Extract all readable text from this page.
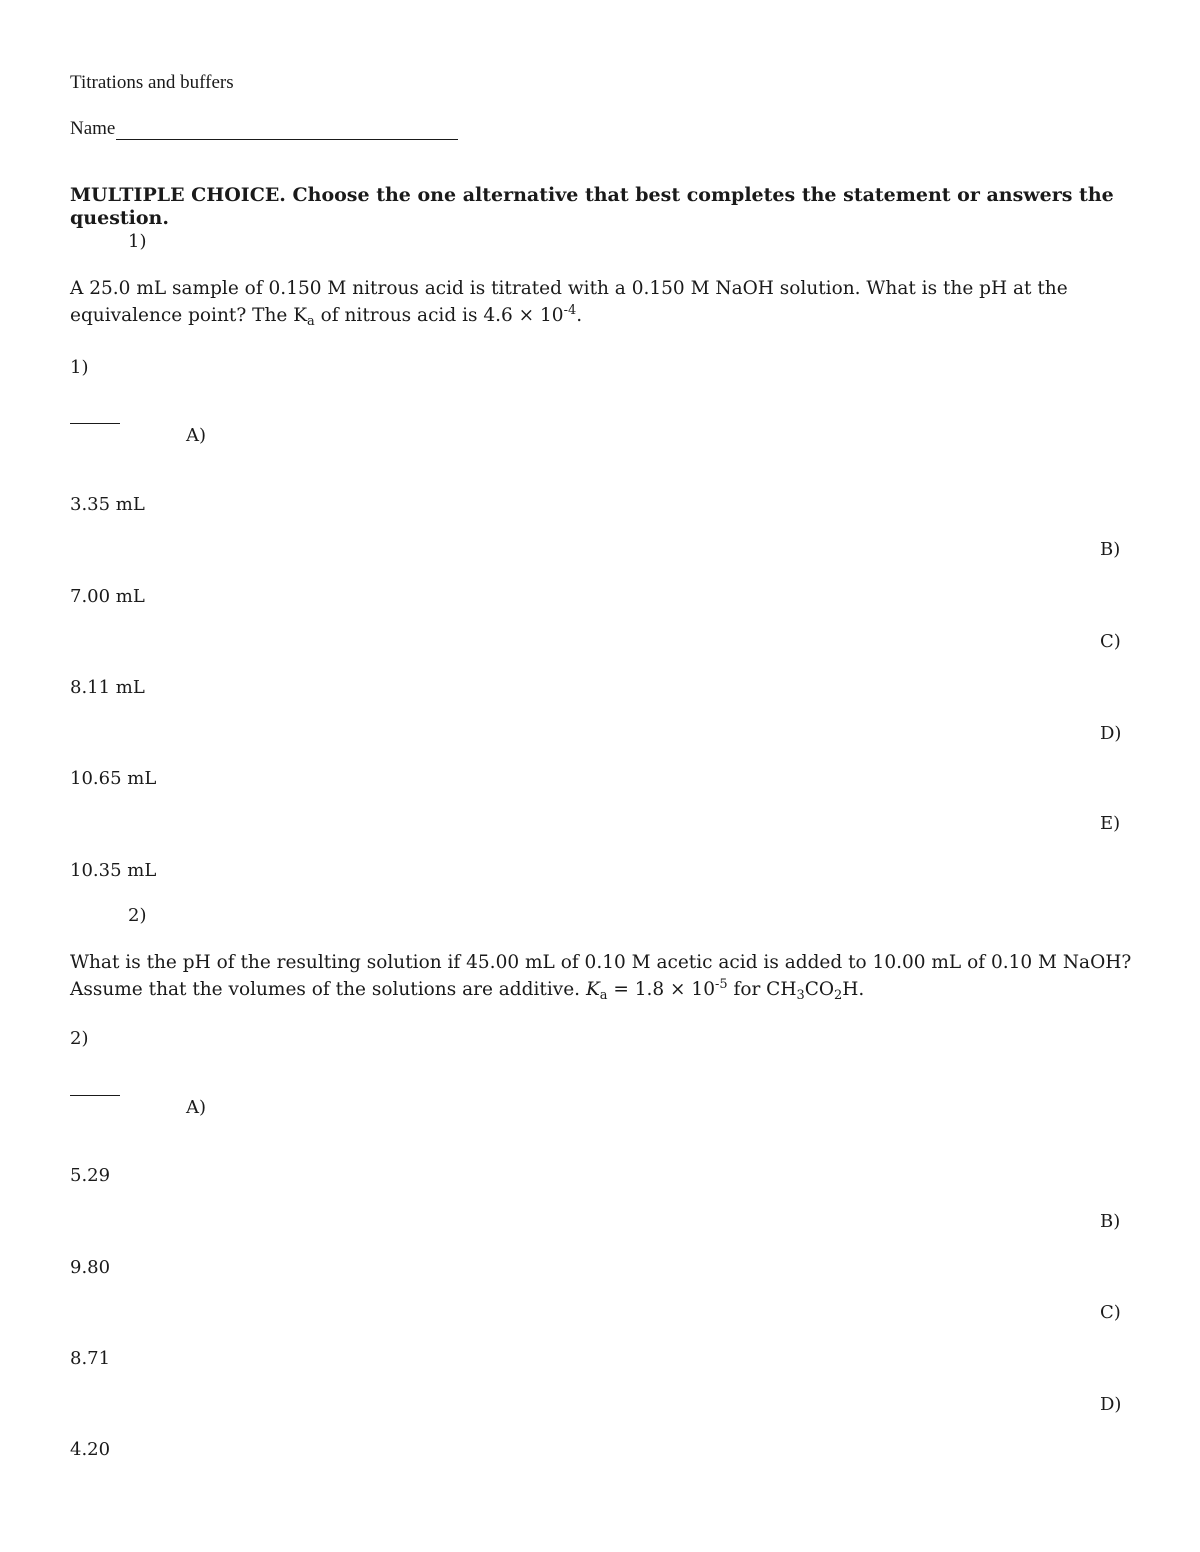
Titrations and buffers
Name
MULTIPLE CHOICE. Choose the one alternative that best completes the statement or answers the question.
1)
A 25.0 mL sample of 0.150 M nitrous acid is titrated with a 0.150 M NaOH solution. What is the pH at the equivalence point? The $K_a$ of nitrous acid is $4.6 \times 10^{-4}$.
1)
A)
3.35 mL
B)
7.00 mL
C)
8.11 mL
D)
10.65 mL
E)
10.35 mL
2)
What is the pH of the resulting solution if 45.00 mL of 0.10 M acetic acid is added to 10.00 mL of 0.10 M NaOH? Assume that the volumes of the solutions are additive. $K_a = 1.8 \times 10^{-5}$ for $CH_3CO_2H$.
2)
A)
5.29
B)
9.80
C)
8.71
D)
4.20
